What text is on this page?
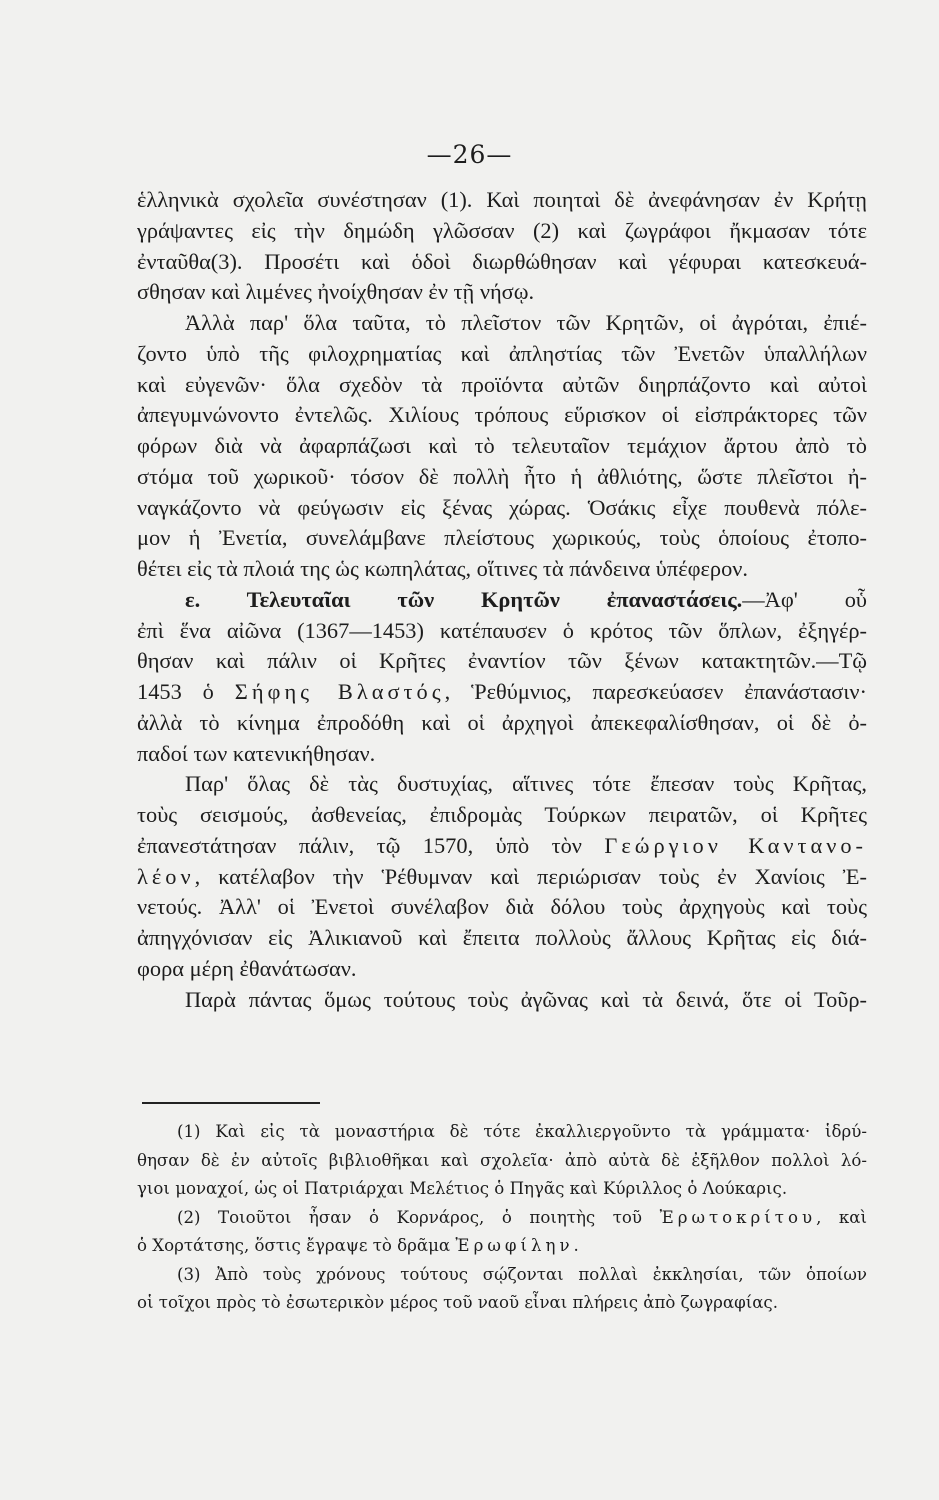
—26—
ἑλληνικὰ σχολεῖα συνέστησαν (1). Καὶ ποιηταὶ δὲ ἀνεφάνησαν ἐν Κρήτῃ
γράψαντες εἰς τὴν δημώδη γλῶσσαν (2) καὶ ζωγράφοι ἤκμασαν τότε
ἐνταῦθα(3). Προσέτι καὶ ὁδοὶ διωρθώθησαν καὶ γέφυραι κατεσκευά-
σθησαν καὶ λιμένες ἠνοίχθησαν ἐν τῇ νήσῳ.
Ἀλλὰ παρ' ὅλα ταῦτα, τὸ πλεῖστον τῶν Κρητῶν, οἱ ἀγρόται, ἐπιέ-
ζοντο ὑπὸ τῆς φιλοχρηματίας καὶ ἀπληστίας τῶν Ἐνετῶν ὑπαλλήλων
καὶ εὐγενῶν· ὅλα σχεδὸν τὰ προϊόντα αὐτῶν διηρπάζοντο καὶ αὐτοὶ
ἀπεγυμνώνοντο ἐντελῶς. Χιλίους τρόπους εὕρισκον οἱ εἰσπράκτορες τῶν
φόρων διὰ νὰ ἀφαρπάζωσι καὶ τὸ τελευταῖον τεμάχιον ἄρτου ἀπὸ τὸ
στόμα τοῦ χωρικοῦ· τόσον δὲ πολλὴ ἦτο ἡ ἀθλιότης, ὥστε πλεῖστοι ἠ-
ναγκάζοντο νὰ φεύγωσιν εἰς ξένας χώρας. Ὁσάκις εἶχε πουθενὰ πόλε-
μον ἡ Ἐνετία, συνελάμβανε πλείστους χωρικούς, τοὺς ὁποίους ἐτοπο-
θέτει εἰς τὰ πλοιά της ὡς κωπηλάτας, οἵτινες τὰ πάνδεινα ὑπέφερον.
ε. Τελευταῖαι τῶν Κρητῶν ἐπαναστάσεις.—Ἀφ' οὗ
ἐπὶ ἕνα αἰῶνα (1367—1453) κατέπαυσεν ὁ κρότος τῶν ὅπλων, ἐξηγέρ-
θησαν καὶ πάλιν οἱ Κρῆτες ἐναντίον τῶν ξένων κατακτητῶν.—Τῷ
1453 ὁ Σήφης Βλαστός, Ῥεθύμνιος, παρεσκεύασεν ἐπανάστασιν·
ἀλλὰ τὸ κίνημα ἐπροδόθη καὶ οἱ ἀρχηγοὶ ἀπεκεφαλίσθησαν, οἱ δὲ ὀ-
παδοί των κατενικήθησαν.
Παρ' ὅλας δὲ τὰς δυστυχίας, αἵτινες τότε ἔπεσαν τοὺς Κρῆτας,
τοὺς σεισμούς, ἀσθενείας, ἐπιδρομὰς Τούρκων πειρατῶν, οἱ Κρῆτες
ἐπανεστάτησαν πάλιν, τῷ 1570, ὑπὸ τὸν Γεώργιον Καντανο-
λέον, κατέλαβον τὴν Ῥέθυμναν καὶ περιώρισαν τοὺς ἐν Χανίοις Ἐ-
νετούς. Ἀλλ' οἱ Ἐνετοὶ συνέλαβον διὰ δόλου τοὺς ἀρχηγοὺς καὶ τοὺς
ἀπηγχόνισαν εἰς Ἀλικιανοῦ καὶ ἔπειτα πολλοὺς ἄλλους Κρῆτας εἰς διά-
φορα μέρη ἐθανάτωσαν.
Παρὰ πάντας ὅμως τούτους τοὺς ἀγῶνας καὶ τὰ δεινά, ὅτε οἱ Τοῦρ-
(1) Καὶ εἰς τὰ μοναστήρια δὲ τότε ἐκαλλιεργοῦντο τὰ γράμματα· ἱδρύ-
θησαν δὲ ἐν αὐτοῖς βιβλιοθῆκαι καὶ σχολεῖα· ἀπὸ αὐτὰ δὲ ἐξῆλθον πολλοὶ λό-
γιοι μοναχοί, ὡς οἱ Πατριάρχαι Μελέτιος ὁ Πηγᾶς καὶ Κύριλλος ὁ Λούκαρις.
(2) Τοιοῦτοι ἦσαν ὁ Κορνάρος, ὁ ποιητὴς τοῦ Ἐρωτοκρίτου, καὶ
ὁ Χορτάτσης, ὅστις ἔγραψε τὸ δρᾶμα Ἐρωφίλην.
(3) Ἀπὸ τοὺς χρόνους τούτους σῴζονται πολλαὶ ἐκκλησίαι, τῶν ὁποίων
οἱ τοῖχοι πρὸς τὸ ἐσωτερικὸν μέρος τοῦ ναοῦ εἶναι πλήρεις ἀπὸ ζωγραφίας.
